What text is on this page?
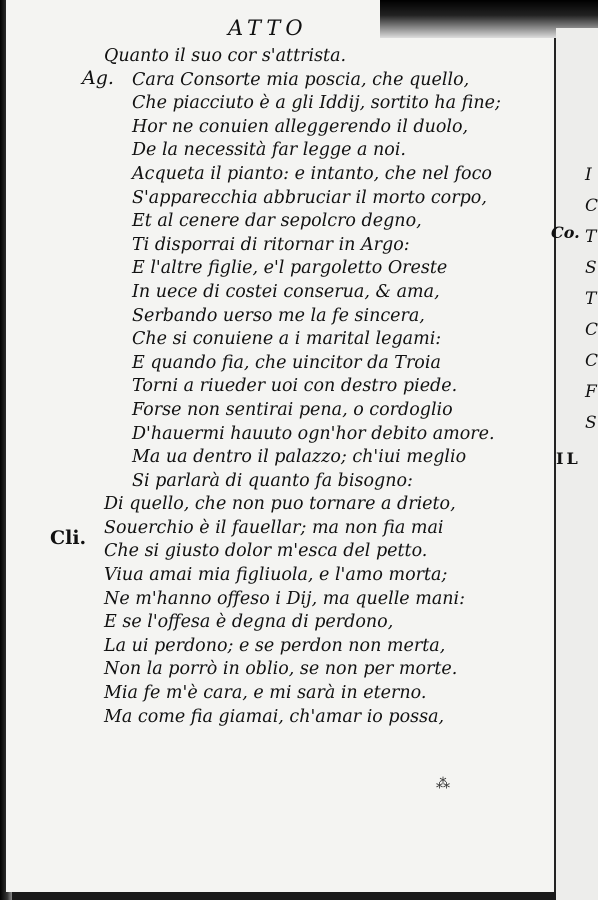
ATTO
Ag.
Cli.
Quanto il suo cor s'attrista.
Cara Consorte mia poscia, che quello,
Che piacciuto è a gli Iddij, sortito ha fine;
Hor ne conuien alleggerendo il duolo,
De la necessità far legge a noi.
Acqueta il pianto: e intanto, che nel foco
S'apparecchia abbruciar il morto corpo,
Et al cenere dar sepolcro degno,
Ti disporrai di ritornar in Argo:
E l'altre figlie, e'l pargoletto Oreste
In uece di costei conserua, & ama,
Serbando uerso me la fe sincera,
Che si conuiene a i marital legami:
E quando fia, che uincitor da Troia
Torni a riueder uoi con destro piede.
Forse non sentirai pena, o cordoglio
D'hauermi hauuto ogn'hor debito amore.
Ma ua dentro il palazzo; ch'iui meglio
Si parlarà di quanto fa bisogno:
Di quello, che non puo tornare a drieto,
Souerchio è il fauellar; ma non fia mai
Che si giusto dolor m'esca del petto.
Viua amai mia figliuola, e l'amo morta;
Ne m'hanno offeso i Dij, ma quelle mani:
E se l'offesa è degna di perdono,
La ui perdono; e se perdon non merta,
Non la porrò in oblio, se non per morte.
Mia fe m'è cara, e mi sarà in eterno.
Ma come fia giamai, ch'amar io possa,
Co.
IL
I
C
T
S
T
C
C
F
S
⁂
